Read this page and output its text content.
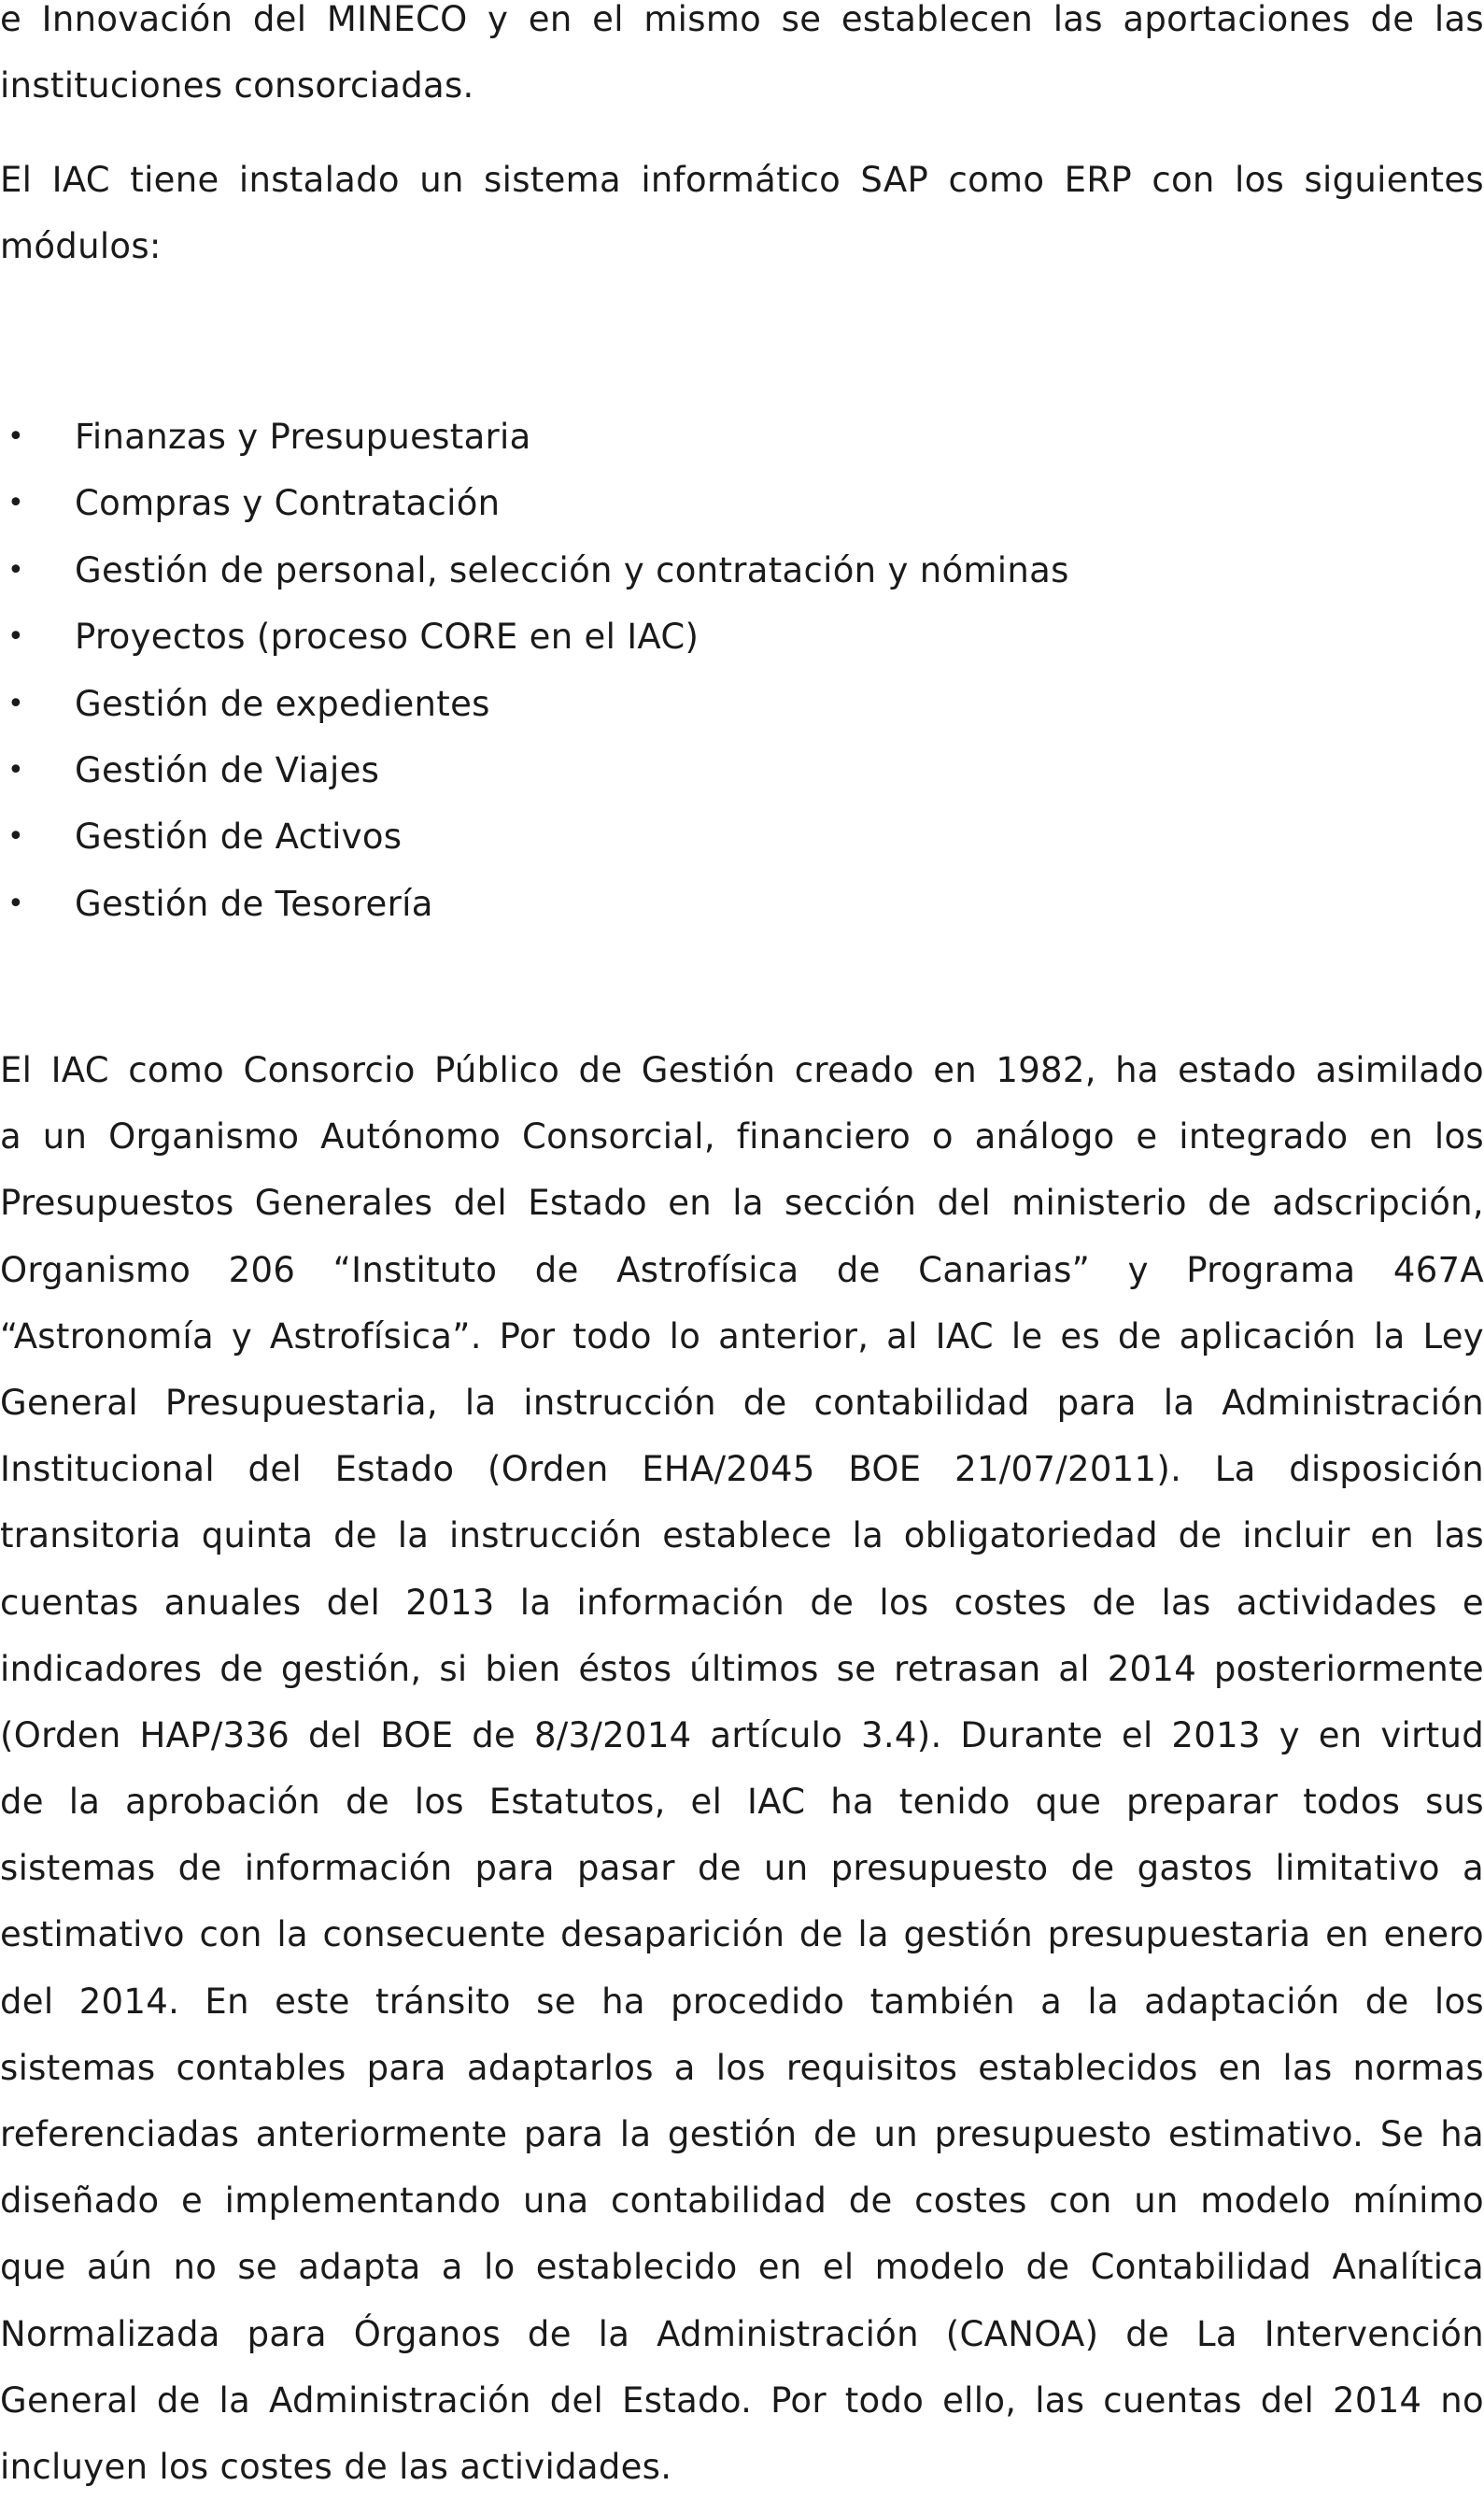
e Innovación del MINECO y en el mismo se establecen las aportaciones de las
instituciones consorciadas.
El IAC tiene instalado un sistema informático SAP como ERP con los siguientes
módulos:
• Finanzas y Presupuestaria
• Compras y Contratación
• Gestión de personal, selección y contratación y nóminas
• Proyectos (proceso CORE en el IAC)
• Gestión de expedientes
• Gestión de Viajes
• Gestión de Activos
• Gestión de Tesorería
El IAC como Consorcio Público de Gestión creado en 1982, ha estado asimilado
a un Organismo Autónomo Consorcial, financiero o análogo e integrado en los
Presupuestos Generales del Estado en la sección del ministerio de adscripción,
Organismo 206 “Instituto de Astrofísica de Canarias” y Programa 467A
“Astronomía y Astrofísica”. Por todo lo anterior, al IAC le es de aplicación la Ley
General Presupuestaria, la instrucción de contabilidad para la Administración
Institucional del Estado (Orden EHA/2045 BOE 21/07/2011). La disposición
transitoria quinta de la instrucción establece la obligatoriedad de incluir en las
cuentas anuales del 2013 la información de los costes de las actividades e
indicadores de gestión, si bien éstos últimos se retrasan al 2014 posteriormente
(Orden HAP/336 del BOE de 8/3/2014 artículo 3.4). Durante el 2013 y en virtud
de la aprobación de los Estatutos, el IAC ha tenido que preparar todos sus
sistemas de información para pasar de un presupuesto de gastos limitativo a
estimativo con la consecuente desaparición de la gestión presupuestaria en enero
del 2014. En este tránsito se ha procedido también a la adaptación de los
sistemas contables para adaptarlos a los requisitos establecidos en las normas
referenciadas anteriormente para la gestión de un presupuesto estimativo. Se ha
diseñado e implementando una contabilidad de costes con un modelo mínimo
que aún no se adapta a lo establecido en el modelo de Contabilidad Analítica
Normalizada para Órganos de la Administración (CANOA) de La Intervención
General de la Administración del Estado. Por todo ello, las cuentas del 2014 no
incluyen los costes de las actividades.
